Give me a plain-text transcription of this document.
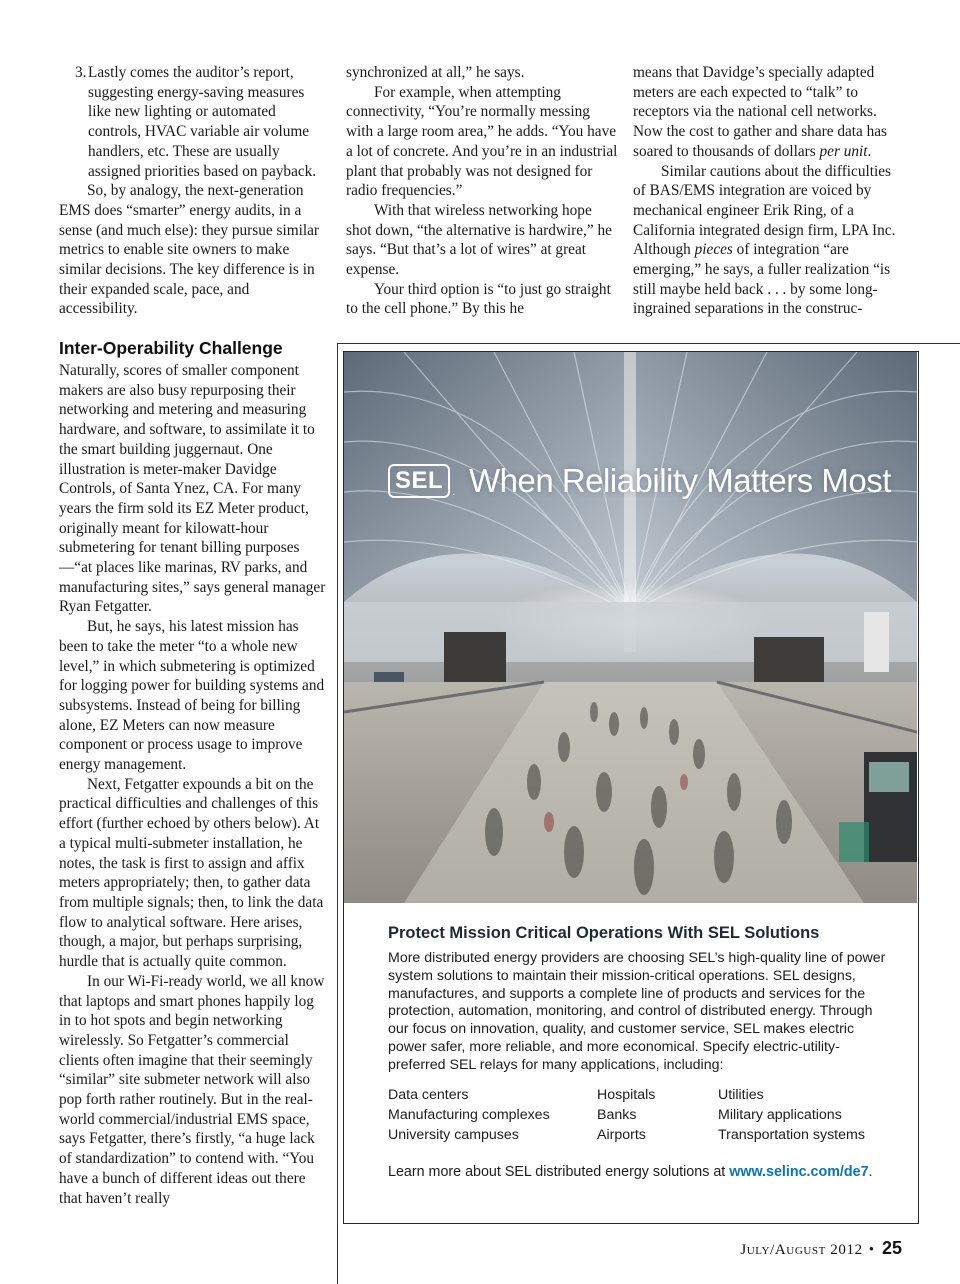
3. Lastly comes the auditor’s report, suggesting energy-saving measures like new lighting or automated controls, HVAC variable air volume handlers, etc. These are usually assigned priorities based on payback.

So, by analogy, the next-generation EMS does “smarter” energy audits, in a sense (and much else): they pursue similar metrics to enable site owners to make similar decisions. The key difference is in their expanded scale, pace, and accessibility.

Inter-Operability Challenge

Naturally, scores of smaller component makers are also busy repurposing their networking and metering and measuring hardware, and software, to assimilate it to the smart building juggernaut. One illustration is meter-maker Davidge Controls, of Santa Ynez, CA. For many years the firm sold its EZ Meter product, originally meant for kilowatt-hour submetering for tenant billing purposes —“at places like marinas, RV parks, and manufacturing sites,” says general manager Ryan Fetgatter.

But, he says, his latest mission has been to take the meter “to a whole new level,” in which submetering is optimized for logging power for building systems and subsystems. Instead of being for billing alone, EZ Meters can now measure component or process usage to improve energy management.

Next, Fetgatter expounds a bit on the practical difficulties and challenges of this effort (further echoed by others below). At a typical multi-submeter installation, he notes, the task is first to assign and affix meters appropriately; then, to gather data from multiple signals; then, to link the data flow to analytical software. Here arises, though, a major, but perhaps surprising, hurdle that is actually quite common.

In our Wi-Fi-ready world, we all know that laptops and smart phones happily log in to hot spots and begin networking wirelessly. So Fetgatter’s commercial clients often imagine that their seemingly “similar” site submeter network will also pop forth rather routinely. But in the real-world commercial/industrial EMS space, says Fetgatter, there’s firstly, “a huge lack of standardization” to contend with. “You have a bunch of different ideas out there that haven’t really

synchronized at all,” he says.

For example, when attempting connectivity, “You’re normally messing with a large room area,” he adds. “You have a lot of concrete. And you’re in an industrial plant that probably was not designed for radio frequencies.”

With that wireless networking hope shot down, “the alternative is hardwire,” he says. “But that’s a lot of wires” at great expense.

Your third option is “to just go straight to the cell phone.” By this he

means that Davidge’s specially adapted meters are each expected to “talk” to receptors via the national cell networks. Now the cost to gather and share data has soared to thousands of dollars per unit.

Similar cautions about the difficulties of BAS/EMS integration are voiced by mechanical engineer Erik Ring, of a California integrated design firm, LPA Inc. Although pieces of integration “are emerging,” he says, a fuller realization “is still maybe held back . . . by some long-ingrained separations in the construc-

SEL . When Reliability Matters Most
Protect Mission Critical Operations With SEL Solutions
More distributed energy providers are choosing SEL’s high-quality line of power system solutions to maintain their mission-critical operations. SEL designs, manufactures, and supports a complete line of products and services for the protection, automation, monitoring, and control of distributed energy. Through our focus on innovation, quality, and customer service, SEL makes electric power safer, more reliable, and more economical. Specify electric-utility-preferred SEL relays for many applications, including:
Data centers
Manufacturing complexes
University campuses
Hospitals
Banks
Airports
Utilities
Military applications
Transportation systems
Learn more about SEL distributed energy solutions at www.selinc.com/de7.
July/August 2012 • 25
